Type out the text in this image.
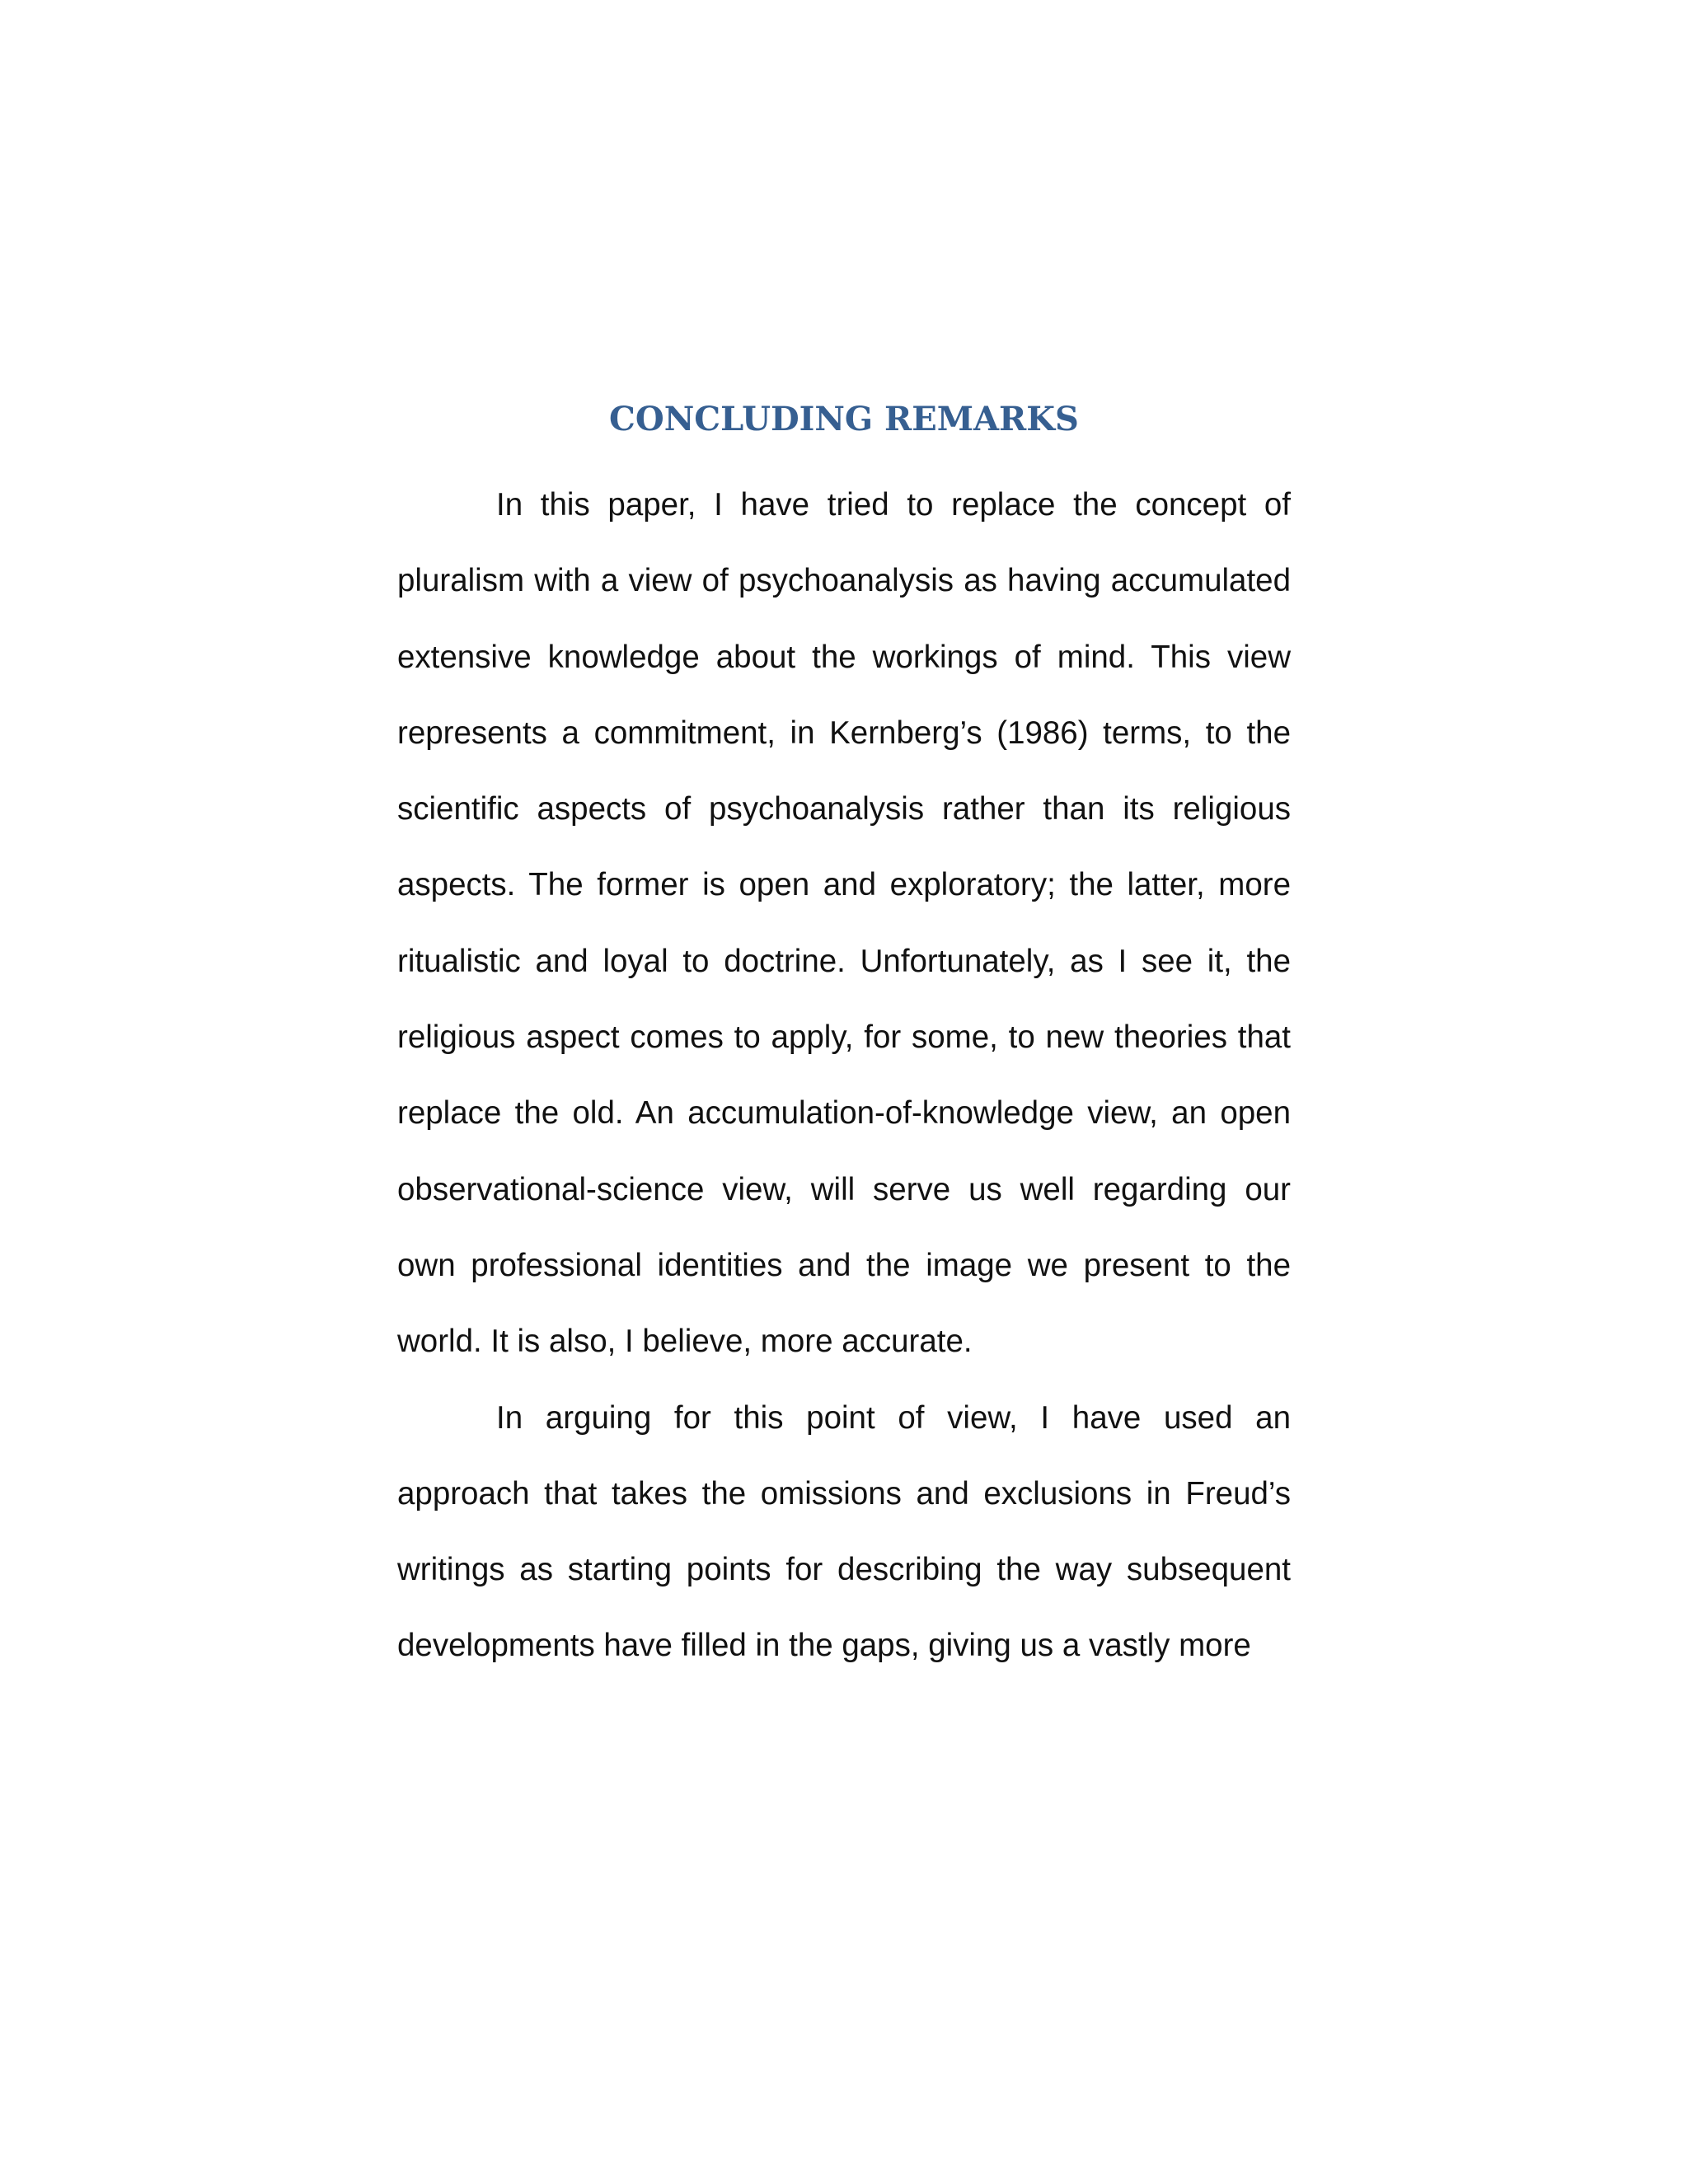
CONCLUDING REMARKS

In this paper, I have tried to replace the concept of pluralism with a view of psychoanalysis as having accumulated extensive knowledge about the workings of mind. This view represents a commitment, in Kernberg’s (1986) terms, to the scientific aspects of psychoanalysis rather than its religious aspects. The former is open and exploratory; the latter, more ritualistic and loyal to doctrine. Unfortunately, as I see it, the religious aspect comes to apply, for some, to new theories that replace the old. An accumulation-of-knowledge view, an open observational-science view, will serve us well regarding our own professional identities and the image we present to the world. It is also, I believe, more accurate.

In arguing for this point of view, I have used an approach that takes the omissions and exclusions in Freud’s writings as starting points for describing the way subsequent developments have filled in the gaps, giving us a vastly more
